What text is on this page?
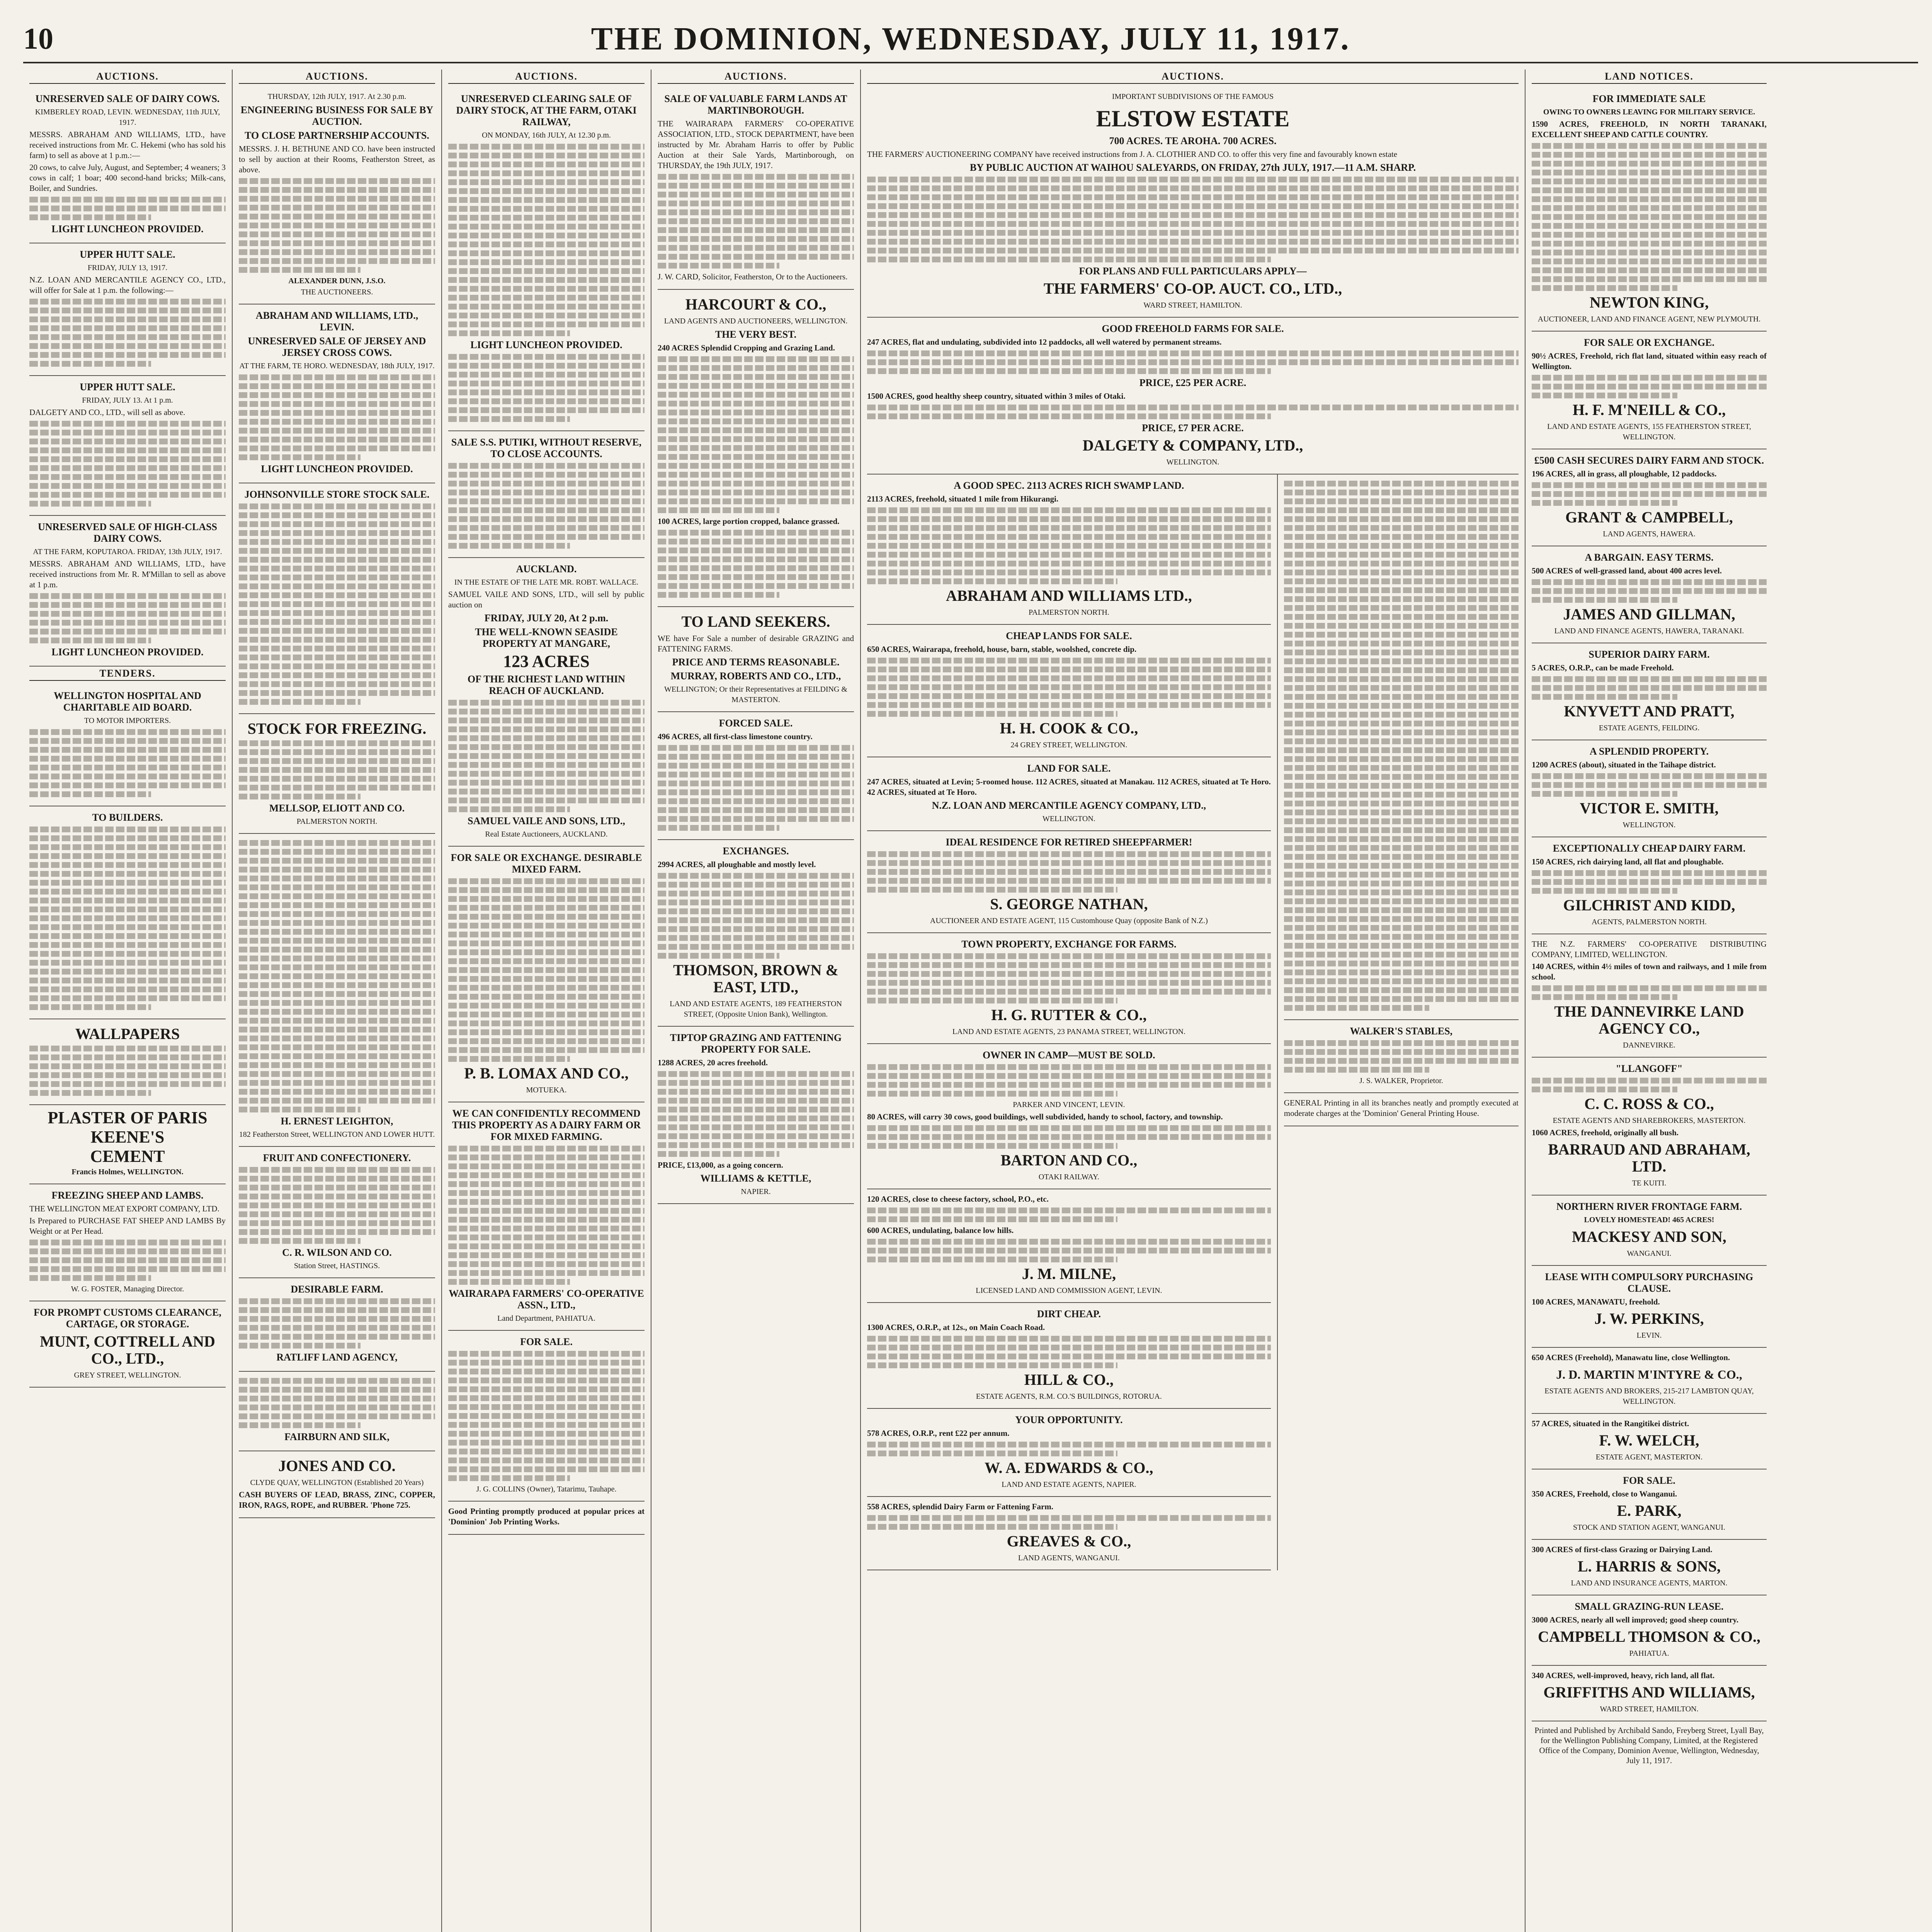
10	THE DOMINION, WEDNESDAY, JULY 11, 1917.
AUCTIONS.
UNRESERVED SALE OF DAIRY COWS.
KIMBERLEY ROAD, LEVIN. WEDNESDAY, 11th JULY, 1917.

MESSRS. ABRAHAM AND WILLIAMS, LTD., have received instructions from Mr. C. Hekemi (who has sold his farm) to sell as above at 1 p.m.:—

20 cows, to calve July, August, and September; 4 weaners; 3 cows in calf; 1 boar; 400 second-hand bricks; Milk-cans, Boiler, and Sundries.

LIGHT LUNCHEON PROVIDED.
UPPER HUTT SALE.
FRIDAY, JULY 13, 1917.

N.Z. LOAN AND MERCANTILE AGENCY CO., LTD., will offer for Sale at 1 p.m. the following:—

UPPER HUTT SALE.
FRIDAY, JULY 13. At 1 p.m.

DALGETY AND CO., LTD., will sell as above.

UNRESERVED SALE OF HIGH-CLASS DAIRY COWS.
AT THE FARM, KOPUTAROA. FRIDAY, 13th JULY, 1917.

MESSRS. ABRAHAM AND WILLIAMS, LTD., have received instructions from Mr. R. M'Millan to sell as above at 1 p.m.

LIGHT LUNCHEON PROVIDED.
TENDERS.
WELLINGTON HOSPITAL AND CHARITABLE AID BOARD.
TO MOTOR IMPORTERS.
TO BUILDERS.
WALLPAPERS
PLASTER OF PARIS
KEENE'S
CEMENT
Francis Holmes, WELLINGTON.
FREEZING SHEEP AND LAMBS.

THE WELLINGTON MEAT EXPORT COMPANY, LTD.

Is Prepared to PURCHASE FAT SHEEP AND LAMBS By Weight or at Per Head.

W. G. FOSTER, Managing Director.
FOR PROMPT CUSTOMS CLEARANCE, CARTAGE, OR STORAGE.
MUNT, COTTRELL AND CO., LTD.,
GREY STREET, WELLINGTON.
AUCTIONS.
THURSDAY, 12th JULY, 1917. At 2.30 p.m.
ENGINEERING BUSINESS FOR SALE BY AUCTION.
TO CLOSE PARTNERSHIP ACCOUNTS.

MESSRS. J. H. BETHUNE AND CO. have been instructed to sell by auction at their Rooms, Featherston Street, as above.

ALEXANDER DUNN, J.S.O.
THE AUCTIONEERS.
ABRAHAM AND WILLIAMS, LTD., LEVIN.
UNRESERVED SALE OF JERSEY AND JERSEY CROSS COWS.
AT THE FARM, TE HORO. WEDNESDAY, 18th JULY, 1917.
LIGHT LUNCHEON PROVIDED.
JOHNSONVILLE STORE STOCK SALE.
STOCK FOR FREEZING.
MELLSOP, ELIOTT AND CO.
PALMERSTON NORTH.
H. ERNEST LEIGHTON,
182 Featherston Street, WELLINGTON AND LOWER HUTT.
FRUIT AND CONFECTIONERY.
C. R. WILSON AND CO.
Station Street, HASTINGS.
DESIRABLE FARM.
RATLIFF LAND AGENCY,
FAIRBURN AND SILK,
JONES AND CO.
CLYDE QUAY, WELLINGTON (Established 20 Years)

CASH BUYERS OF LEAD, BRASS, ZINC, COPPER, IRON, RAGS, ROPE, and RUBBER. 'Phone 725.

AUCTIONS.
UNRESERVED CLEARING SALE OF DAIRY STOCK, AT THE FARM, OTAKI RAILWAY,
ON MONDAY, 16th JULY, At 12.30 p.m.
LIGHT LUNCHEON PROVIDED.
SALE S.S. PUTIKI, WITHOUT RESERVE, TO CLOSE ACCOUNTS.
AUCKLAND.
IN THE ESTATE OF THE LATE MR. ROBT. WALLACE.

SAMUEL VAILE AND SONS, LTD., will sell by public auction on

FRIDAY, JULY 20, At 2 p.m.
THE WELL-KNOWN SEASIDE PROPERTY AT MANGARE,
123 ACRES
OF THE RICHEST LAND WITHIN REACH OF AUCKLAND.
SAMUEL VAILE AND SONS, LTD.,
Real Estate Auctioneers, AUCKLAND.
FOR SALE OR EXCHANGE. DESIRABLE MIXED FARM.
P. B. LOMAX AND CO.,
MOTUEKA.
WE CAN CONFIDENTLY RECOMMEND THIS PROPERTY AS A DAIRY FARM OR FOR MIXED FARMING.
WAIRARAPA FARMERS' CO-OPERATIVE ASSN., LTD.,
Land Department, PAHIATUA.
FOR SALE.
J. G. COLLINS (Owner), Tatarimu, Tauhape.

Good Printing promptly produced at popular prices at 'Dominion' Job Printing Works.

AUCTIONS.
SALE OF VALUABLE FARM LANDS AT MARTINBOROUGH.

THE WAIRARAPA FARMERS' CO-OPERATIVE ASSOCIATION, LTD., STOCK DEPARTMENT, have been instructed by Mr. Abraham Harris to offer by Public Auction at their Sale Yards, Martinborough, on THURSDAY, the 19th JULY, 1917.

J. W. CARD, Solicitor, Featherston, Or to the Auctioneers.

HARCOURT & CO.,
LAND AGENTS AND AUCTIONEERS, WELLINGTON.
THE VERY BEST.

240 ACRES Splendid Cropping and Grazing Land.

100 ACRES, large portion cropped, balance grassed.

TO LAND SEEKERS.

WE have For Sale a number of desirable GRAZING and FATTENING FARMS.

PRICE AND TERMS REASONABLE.
MURRAY, ROBERTS AND CO., LTD.,
WELLINGTON; Or their Representatives at FEILDING & MASTERTON.
FORCED SALE.

496 ACRES, all first-class limestone country.

EXCHANGES.

2994 ACRES, all ploughable and mostly level.

THOMSON, BROWN & EAST, LTD.,
LAND AND ESTATE AGENTS, 189 FEATHERSTON STREET, (Opposite Union Bank), Wellington.
TIPTOP GRAZING AND FATTENING PROPERTY FOR SALE.

1288 ACRES, 20 acres freehold.

PRICE, £13,000, as a going concern.

WILLIAMS & KETTLE,
NAPIER.
AUCTIONS.
IMPORTANT SUBDIVISIONS OF THE FAMOUS
ELSTOW ESTATE
700 ACRES. TE AROHA. 700 ACRES.

THE FARMERS' AUCTIONEERING COMPANY have received instructions from J. A. CLOTHIER AND CO. to offer this very fine and favourably known estate

BY PUBLIC AUCTION AT WAIHOU SALEYARDS, ON FRIDAY, 27th JULY, 1917.—11 A.M. SHARP.
FOR PLANS AND FULL PARTICULARS APPLY—
THE FARMERS' CO-OP. AUCT. CO., LTD.,
WARD STREET, HAMILTON.
GOOD FREEHOLD FARMS FOR SALE.

247 ACRES, flat and undulating, subdivided into 12 paddocks, all well watered by permanent streams.

PRICE, £25 PER ACRE.

1500 ACRES, good healthy sheep country, situated within 3 miles of Otaki.

PRICE, £7 PER ACRE.
DALGETY & COMPANY, LTD.,
WELLINGTON.
A GOOD SPEC. 2113 ACRES RICH SWAMP LAND.

2113 ACRES, freehold, situated 1 mile from Hikurangi.

ABRAHAM AND WILLIAMS LTD.,
PALMERSTON NORTH.
CHEAP LANDS FOR SALE.

650 ACRES, Wairarapa, freehold, house, barn, stable, woolshed, concrete dip.

H. H. COOK & CO.,
24 GREY STREET, WELLINGTON.
LAND FOR SALE.

247 ACRES, situated at Levin; 5-roomed house. 112 ACRES, situated at Manakau. 112 ACRES, situated at Te Horo. 42 ACRES, situated at Te Horo.

N.Z. LOAN AND MERCANTILE AGENCY COMPANY, LTD.,
WELLINGTON.
IDEAL RESIDENCE FOR RETIRED SHEEPFARMER!
S. GEORGE NATHAN,
AUCTIONEER AND ESTATE AGENT, 115 Customhouse Quay (opposite Bank of N.Z.)
TOWN PROPERTY, EXCHANGE FOR FARMS.
H. G. RUTTER & CO.,
LAND AND ESTATE AGENTS, 23 PANAMA STREET, WELLINGTON.
OWNER IN CAMP—MUST BE SOLD.
PARKER AND VINCENT, LEVIN.

80 ACRES, will carry 30 cows, good buildings, well subdivided, handy to school, factory, and township.

BARTON AND CO.,
OTAKI RAILWAY.

120 ACRES, close to cheese factory, school, P.O., etc.

600 ACRES, undulating, balance low hills.

J. M. MILNE,
LICENSED LAND AND COMMISSION AGENT, LEVIN.
DIRT CHEAP.

1300 ACRES, O.R.P., at 12s., on Main Coach Road.

HILL & CO.,
ESTATE AGENTS, R.M. CO.'S BUILDINGS, ROTORUA.
YOUR OPPORTUNITY.

578 ACRES, O.R.P., rent £22 per annum.

W. A. EDWARDS & CO.,
LAND AND ESTATE AGENTS, NAPIER.

558 ACRES, splendid Dairy Farm or Fattening Farm.

GREAVES & CO.,
LAND AGENTS, WANGANUI.
WALKER'S STABLES,
J. S. WALKER, Proprietor.

GENERAL Printing in all its branches neatly and promptly executed at moderate charges at the 'Dominion' General Printing House.

LAND NOTICES.
FOR IMMEDIATE SALE
OWING TO OWNERS LEAVING FOR MILITARY SERVICE.

1590 ACRES, FREEHOLD, IN NORTH TARANAKI, EXCELLENT SHEEP AND CATTLE COUNTRY.

NEWTON KING,
AUCTIONEER, LAND AND FINANCE AGENT, NEW PLYMOUTH.
FOR SALE OR EXCHANGE.

90½ ACRES, Freehold, rich flat land, situated within easy reach of Wellington.

H. F. M'NEILL & CO.,
LAND AND ESTATE AGENTS, 155 FEATHERSTON STREET, WELLINGTON.
£500 CASH SECURES DAIRY FARM AND STOCK.

196 ACRES, all in grass, all ploughable, 12 paddocks.

GRANT & CAMPBELL,
LAND AGENTS, HAWERA.
A BARGAIN. EASY TERMS.

500 ACRES of well-grassed land, about 400 acres level.

JAMES AND GILLMAN,
LAND AND FINANCE AGENTS, HAWERA, TARANAKI.
SUPERIOR DAIRY FARM.

5 ACRES, O.R.P., can be made Freehold.

KNYVETT AND PRATT,
ESTATE AGENTS, FEILDING.
A SPLENDID PROPERTY.

1200 ACRES (about), situated in the Taihape district.

VICTOR E. SMITH,
WELLINGTON.
EXCEPTIONALLY CHEAP DAIRY FARM.

150 ACRES, rich dairying land, all flat and ploughable.

GILCHRIST AND KIDD,
AGENTS, PALMERSTON NORTH.

THE N.Z. FARMERS' CO-OPERATIVE DISTRIBUTING COMPANY, LIMITED, WELLINGTON.

140 ACRES, within 4½ miles of town and railways, and 1 mile from school.

THE DANNEVIRKE LAND AGENCY CO.,
DANNEVIRKE.
"LLANGOFF"
C. C. ROSS & CO.,
ESTATE AGENTS AND SHAREBROKERS, MASTERTON.

1060 ACRES, freehold, originally all bush.

BARRAUD AND ABRAHAM, LTD.
TE KUITI.
NORTHERN RIVER FRONTAGE FARM.
LOVELY HOMESTEAD! 465 ACRES!
MACKESY AND SON,
WANGANUI.
LEASE WITH COMPULSORY PURCHASING CLAUSE.

100 ACRES, MANAWATU, freehold.

J. W. PERKINS,
LEVIN.

650 ACRES (Freehold), Manawatu line, close Wellington.

J. D. MARTIN M'INTYRE & CO.,
ESTATE AGENTS AND BROKERS, 215-217 LAMBTON QUAY, WELLINGTON.

57 ACRES, situated in the Rangitikei district.

F. W. WELCH,
ESTATE AGENT, MASTERTON.
FOR SALE.

350 ACRES, Freehold, close to Wanganui.

E. PARK,
STOCK AND STATION AGENT, WANGANUI.

300 ACRES of first-class Grazing or Dairying Land.

L. HARRIS & SONS,
LAND AND INSURANCE AGENTS, MARTON.
SMALL GRAZING-RUN LEASE.

3000 ACRES, nearly all well improved; good sheep country.

CAMPBELL THOMSON & CO.,
PAHIATUA.

340 ACRES, well-improved, heavy, rich land, all flat.

GRIFFITHS AND WILLIAMS,
WARD STREET, HAMILTON.
Printed and Published by Archibald Sando, Freyberg Street, Lyall Bay, for the Wellington Publishing Company, Limited, at the Registered Office of the Company, Dominion Avenue, Wellington, Wednesday, July 11, 1917.
